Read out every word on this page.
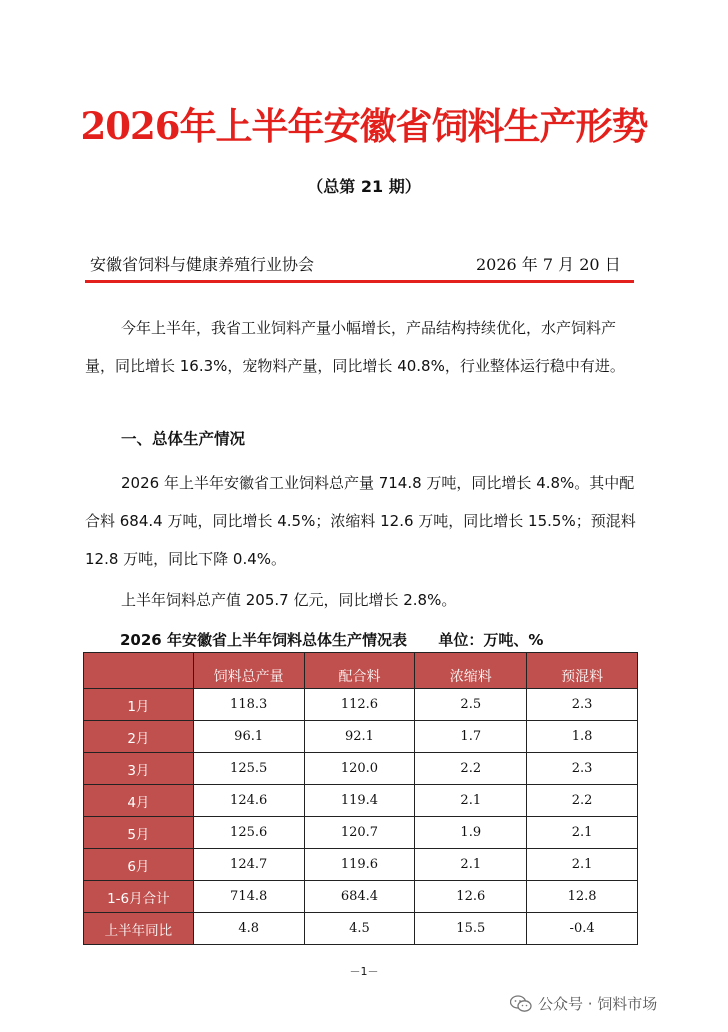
2026年上半年安徽省饲料生产形势
（总第 21 期）
安徽省饲料与健康养殖行业协会	2026 年 7 月 20 日
今年上半年，我省工业饲料产量小幅增长，产品结构持续优化，水产饲料产量，同比增长 16.3%，宠物料产量，同比增长 40.8%，行业整体运行稳中有进。
一、总体生产情况
2026 年上半年安徽省工业饲料总产量 714.8 万吨，同比增长 4.8%。其中配合料 684.4 万吨，同比增长 4.5%；浓缩料 12.6 万吨，同比增长 15.5%；预混料 12.8 万吨，同比下降 0.4%。
上半年饲料总产值 205.7 亿元，同比增长 2.8%。
2026 年安徽省上半年饲料总体生产情况表 单位：万吨、%
	饲料总产量	配合料	浓缩料	预混料
1月	118.3	112.6	2.5	2.3
2月	96.1	92.1	1.7	1.8
3月	125.5	120.0	2.2	2.3
4月	124.6	119.4	2.1	2.2
5月	125.6	120.7	1.9	2.1
6月	124.7	119.6	2.1	2.1
1-6月合计	714.8	684.4	12.6	12.8
上半年同比	4.8	4.5	15.5	-0.4
－1－
公众号 · 饲料市场
